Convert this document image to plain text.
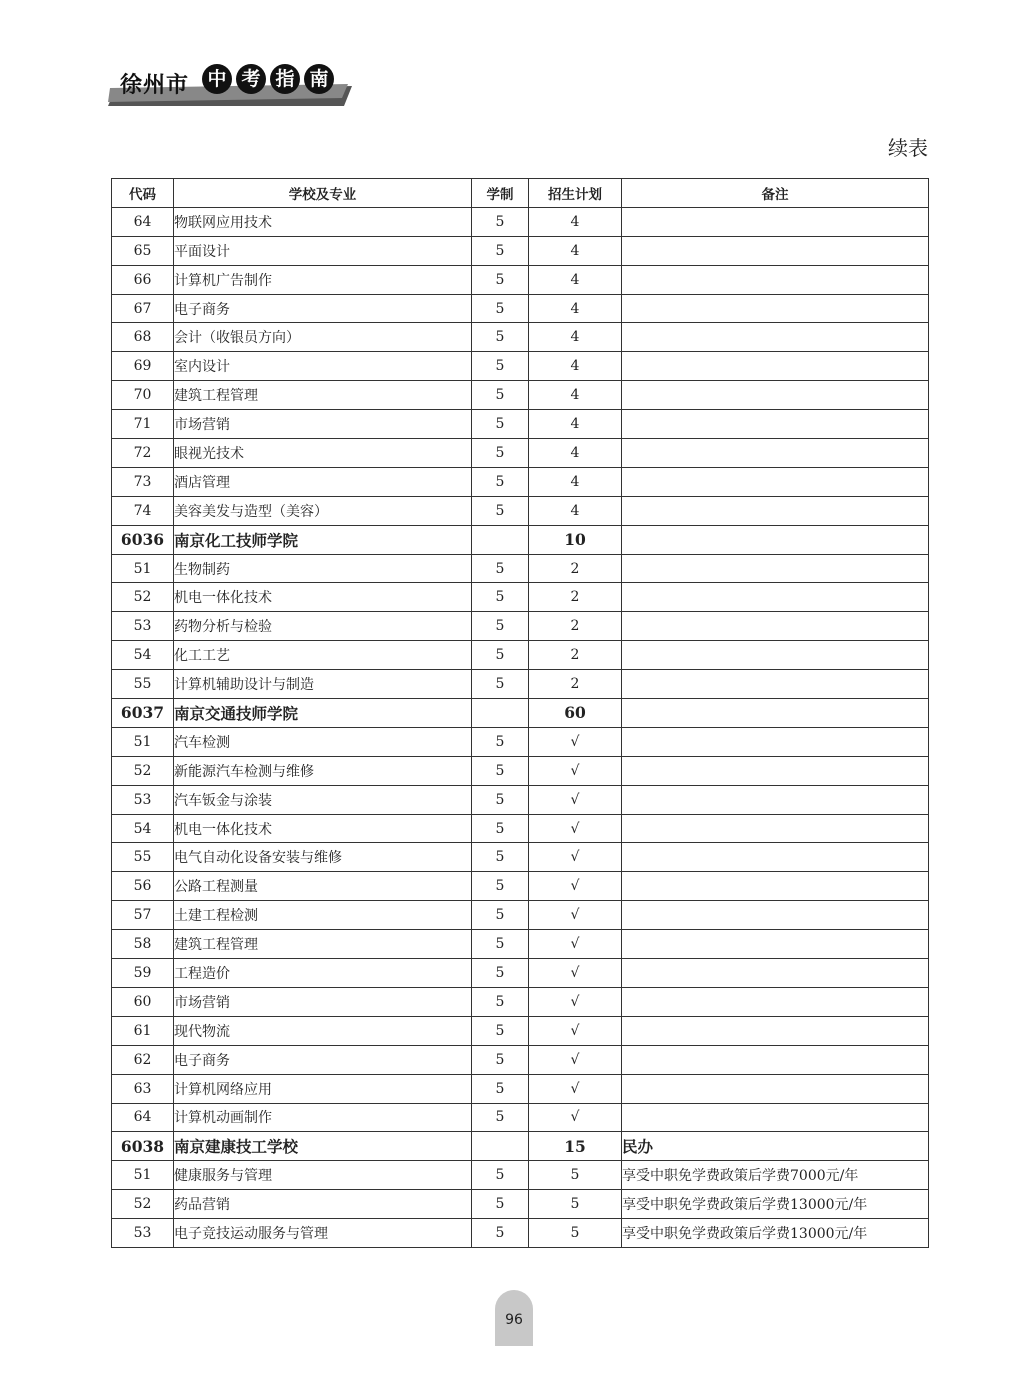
徐州市 中 考 指 南
续表
代码	学校及专业	学制	招生计划	备注
64	物联网应用技术	5	4	
65	平面设计	5	4	
66	计算机广告制作	5	4	
67	电子商务	5	4	
68	会计（收银员方向）	5	4	
69	室内设计	5	4	
70	建筑工程管理	5	4	
71	市场营销	5	4	
72	眼视光技术	5	4	
73	酒店管理	5	4	
74	美容美发与造型（美容）	5	4	
6036	南京化工技师学院		10	
51	生物制药	5	2	
52	机电一体化技术	5	2	
53	药物分析与检验	5	2	
54	化工工艺	5	2	
55	计算机辅助设计与制造	5	2	
6037	南京交通技师学院		60	
51	汽车检测	5	√	
52	新能源汽车检测与维修	5	√	
53	汽车钣金与涂装	5	√	
54	机电一体化技术	5	√	
55	电气自动化设备安装与维修	5	√	
56	公路工程测量	5	√	
57	土建工程检测	5	√	
58	建筑工程管理	5	√	
59	工程造价	5	√	
60	市场营销	5	√	
61	现代物流	5	√	
62	电子商务	5	√	
63	计算机网络应用	5	√	
64	计算机动画制作	5	√	
6038	南京建康技工学校		15	民办
51	健康服务与管理	5	5	享受中职免学费政策后学费7000元/年
52	药品营销	5	5	享受中职免学费政策后学费13000元/年
53	电子竞技运动服务与管理	5	5	享受中职免学费政策后学费13000元/年
96
